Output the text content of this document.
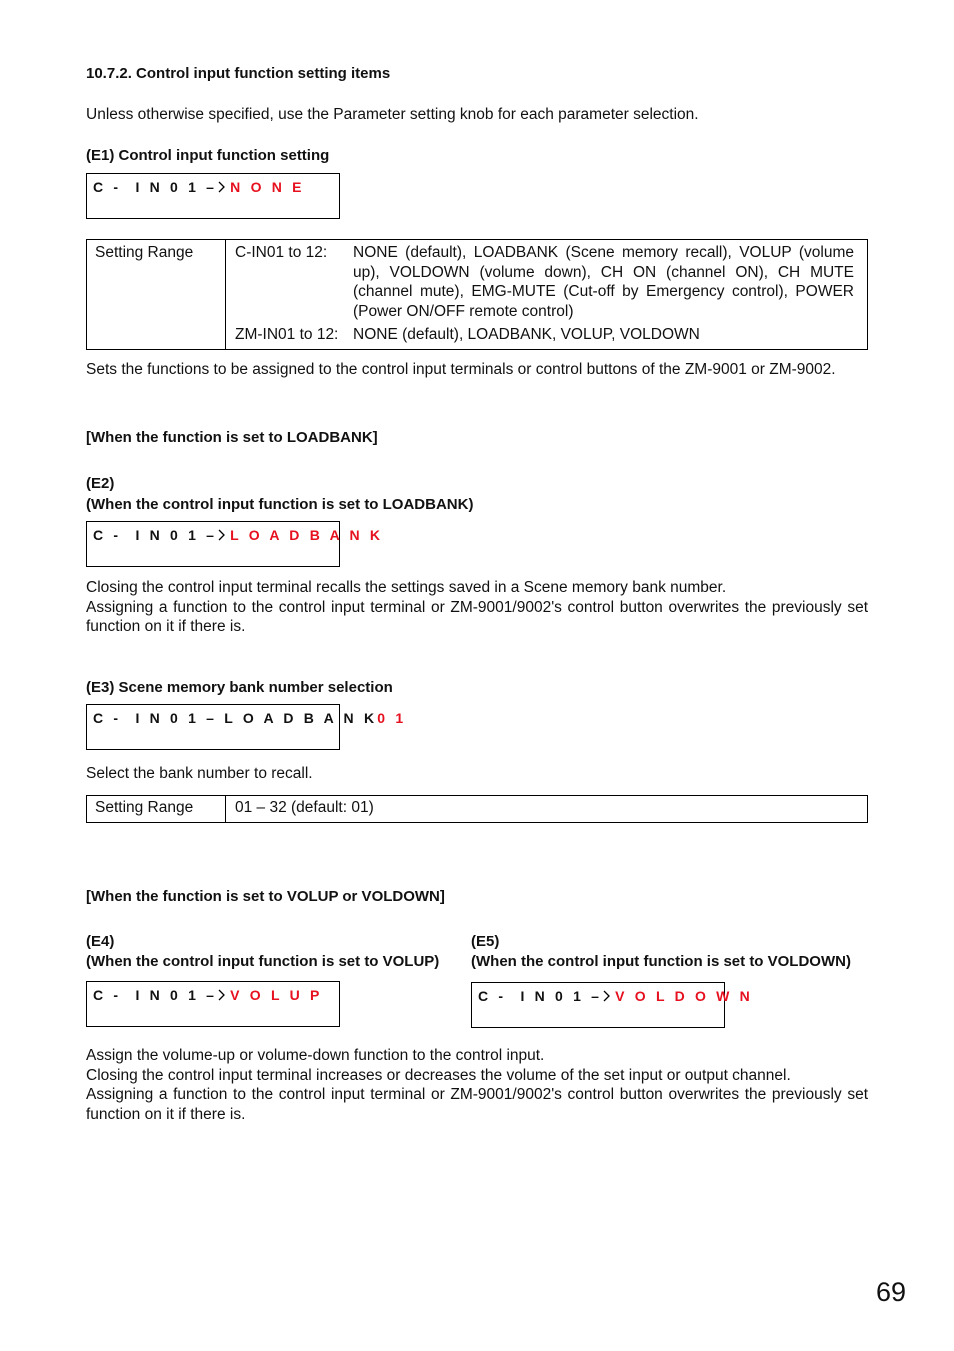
10.7.2. Control input function setting items
Unless otherwise specified, use the Parameter setting knob for each parameter selection.
(E1) Control input function setting
C -  I N 0 1 – N O N E
Setting Range		C-IN01 to 12:	NONE (default), LOADBANK (Scene memory recall), VOLUP (volume up), VOLDOWN (volume down), CH ON (channel ON), CH MUTE (channel mute), EMG-MUTE (Cut-off by Emergency control), POWER (Power ON/OFF remote control)
ZM-IN01 to 12:	NONE (default), LOADBANK, VOLUP, VOLDOWN
Sets the functions to be assigned to the control input terminals or control buttons of the ZM-9001 or ZM-9002.
[When the function is set to LOADBANK]
(E2)
(When the control input function is set to LOADBANK)
C -  I N 0 1 – L O A D B A N K
Closing the control input terminal recalls the settings saved in a Scene memory bank number.
Assigning a function to the control input terminal or ZM-9001/9002's control button overwrites the previously set function on it if there is.
(E3) Scene memory bank number selection
C -  I N 0 1 – L O A D B A N K0 1
Select the bank number to recall.
Setting Range	01 – 32 (default: 01)
[When the function is set to VOLUP or VOLDOWN]
(E4)
(When the control input function is set to VOLUP)
C -  I N 0 1 – V O L U P
(E5)
(When the control input function is set to VOLDOWN)
C -  I N 0 1 – V O L D O W N
Assign the volume-up or volume-down function to the control input.
Closing the control input terminal increases or decreases the volume of the set input or output channel.
Assigning a function to the control input terminal or ZM-9001/9002's control button overwrites the previously set function on it if there is.
69
